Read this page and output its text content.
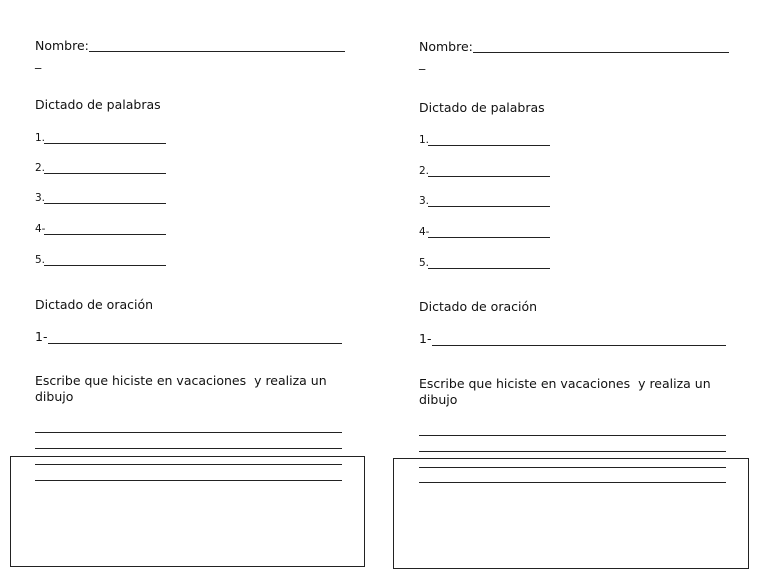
Nombre:
_
Dictado de palabras
1.
2.
3.
4-
5.
Dictado de oración
1-
Escribe que hiciste en vacaciones  y realiza un
dibujo
Nombre:
_
Dictado de palabras
1.
2.
3.
4-
5.
Dictado de oración
1-
Escribe que hiciste en vacaciones  y realiza un
dibujo
